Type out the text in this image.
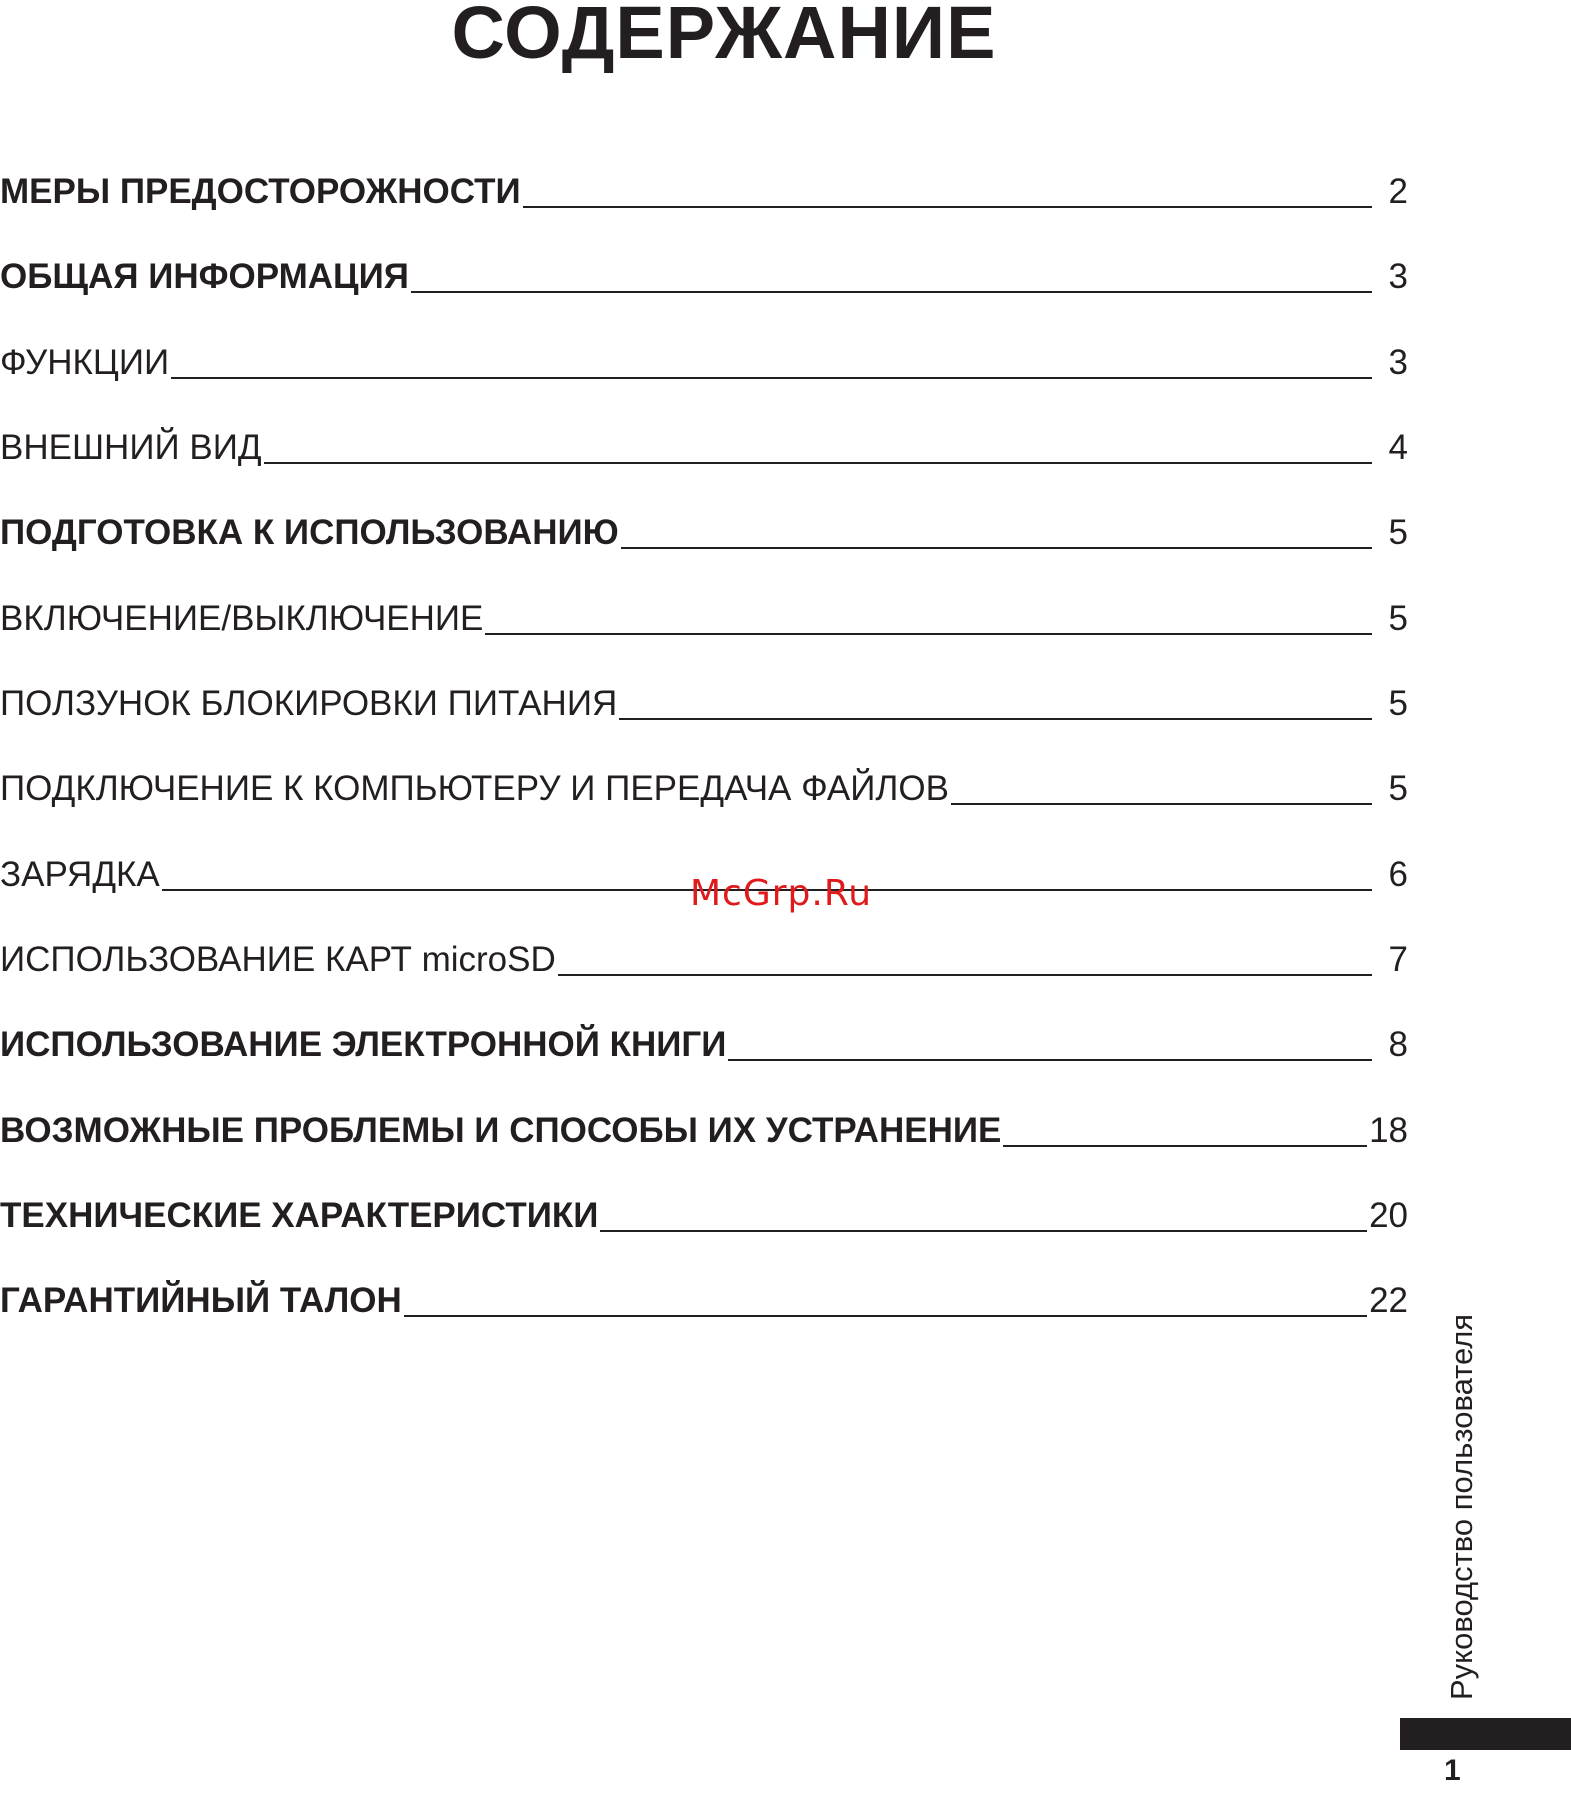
СОДЕРЖАНИЕ
МЕРЫ ПРЕДОСТОРОЖНОСТИ	2
ОБЩАЯ ИНФОРМАЦИЯ	3
ФУНКЦИИ	3
ВНЕШНИЙ ВИД	4
ПОДГОТОВКА К ИСПОЛЬЗОВАНИЮ	5
ВКЛЮЧЕНИЕ/ВЫКЛЮЧЕНИЕ	5
ПОЛЗУНОК БЛОКИРОВКИ ПИТАНИЯ	5
ПОДКЛЮЧЕНИЕ К КОМПЬЮТЕРУ И ПЕРЕДАЧА ФАЙЛОВ	5
ЗАРЯДКА	6
ИСПОЛЬЗОВАНИЕ КАРТ microSD	7
ИСПОЛЬЗОВАНИЕ ЭЛЕКТРОННОЙ КНИГИ	8
ВОЗМОЖНЫЕ ПРОБЛЕМЫ И СПОСОБЫ ИХ УСТРАНЕНИЕ	18
ТЕХНИЧЕСКИЕ ХАРАКТЕРИСТИКИ	20
ГАРАНТИЙНЫЙ ТАЛОН	22
McGrp.Ru
Руководство пользователя
1
